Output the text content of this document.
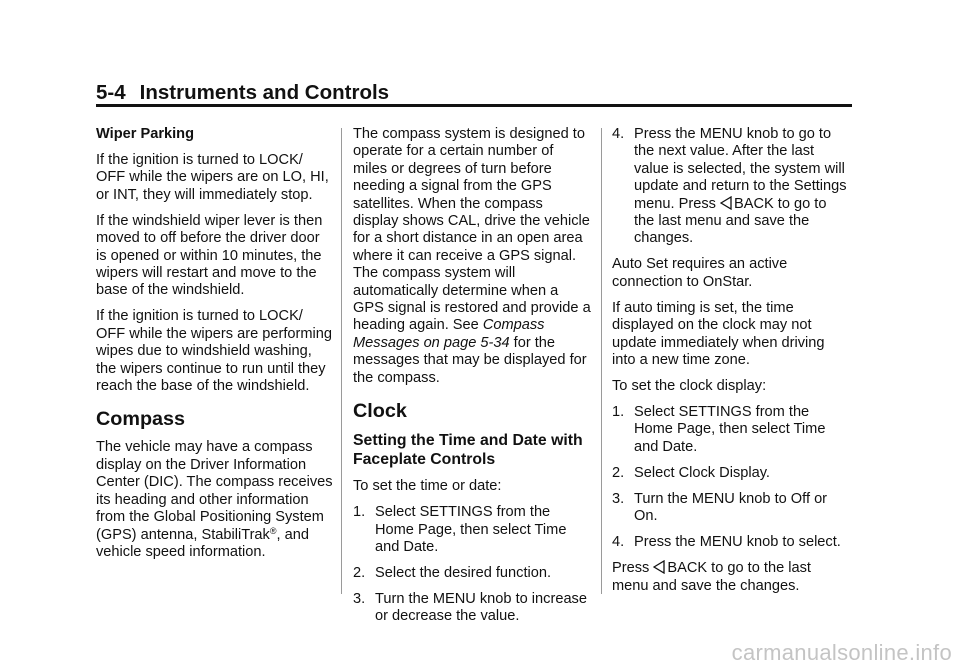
5-4 Instruments and Controls

Wiper Parking

If the ignition is turned to LOCK/ OFF while the wipers are on LO, HI, or INT, they will immediately stop.

If the windshield wiper lever is then moved to off before the driver door is opened or within 10 minutes, the wipers will restart and move to the base of the windshield.

If the ignition is turned to LOCK/ OFF while the wipers are performing wipes due to windshield washing, the wipers continue to run until they reach the base of the windshield.

Compass

The vehicle may have a compass display on the Driver Information Center (DIC). The compass receives its heading and other information from the Global Positioning System (GPS) antenna, StabiliTrak®, and vehicle speed information.

The compass system is designed to operate for a certain number of miles or degrees of turn before needing a signal from the GPS satellites. When the compass display shows CAL, drive the vehicle for a short distance in an open area where it can receive a GPS signal. The compass system will automatically determine when a GPS signal is restored and provide a heading again. See Compass Messages on page 5-34 for the messages that may be displayed for the compass.

Clock
Setting the Time and Date with Faceplate Controls

To set the time or date:

1. Select SETTINGS from the Home Page, then select Time and Date.
2. Select the desired function.
3. Turn the MENU knob to increase or decrease the value.
4. Press the MENU knob to go to the next value. After the last value is selected, the system will update and return to the Settings menu. Press
BACK to go to the last menu and save the changes.

Auto Set requires an active connection to OnStar.

If auto timing is set, the time displayed on the clock may not update immediately when driving into a new time zone.

To set the clock display:

1. Select SETTINGS from the Home Page, then select Time and Date.
2. Select Clock Display.
3. Turn the MENU knob to Off or On.
4. Press the MENU knob to select.

Press
BACK to go to the last menu and save the changes.

carmanualsonline.info
